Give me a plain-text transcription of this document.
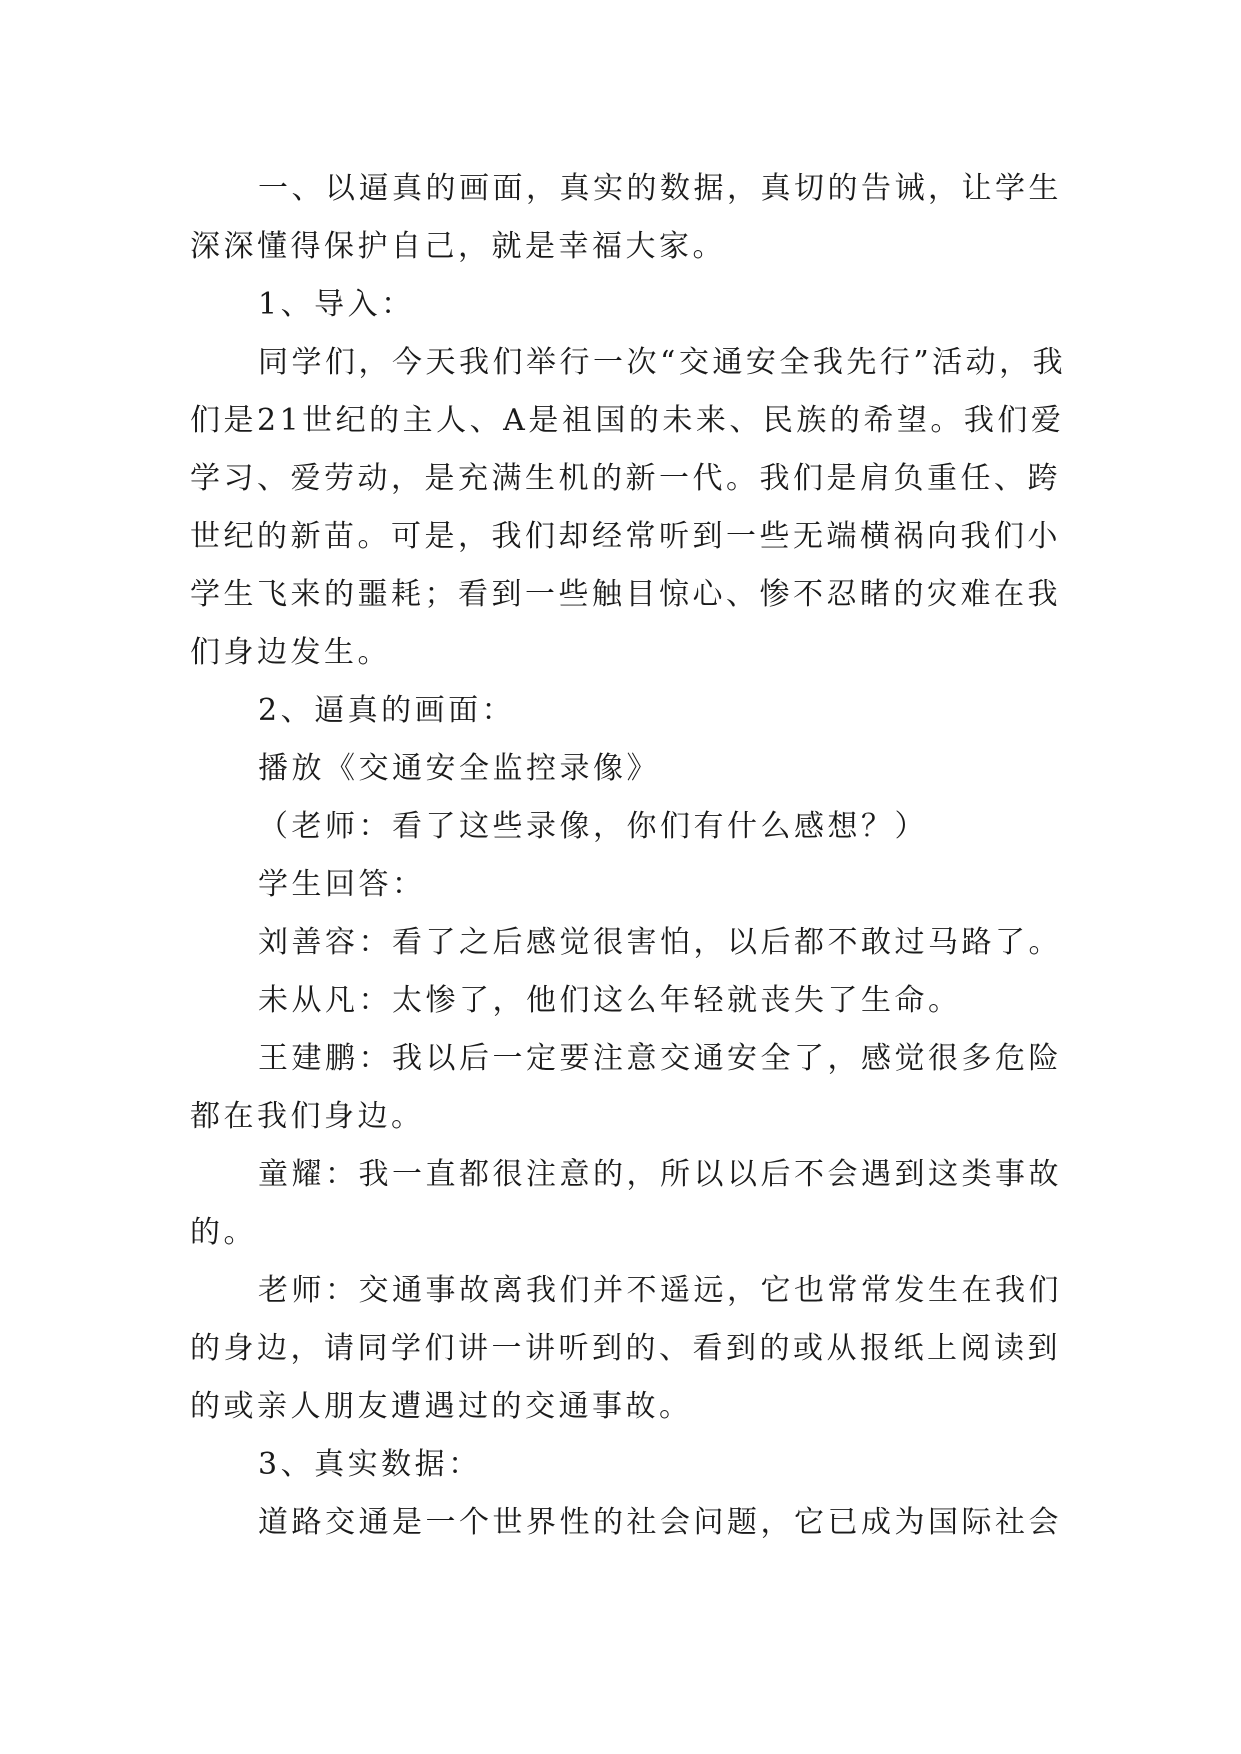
一、以逼真的画面，真实的数据，真切的告诫，让学生深深懂得保护自己，就是幸福大家。

1、导入：

同学们，今天我们举行一次“交通安全我先行”活动，我们是21世纪的主人、A是祖国的未来、民族的希望。我们爱学习、爱劳动，是充满生机的新一代。我们是肩负重任、跨世纪的新苗。可是，我们却经常听到一些无端横祸向我们小学生飞来的噩耗；看到一些触目惊心、惨不忍睹的灾难在我们身边发生。

2、逼真的画面：

播放《交通安全监控录像》

（老师：看了这些录像，你们有什么感想？）

学生回答：

刘善容：看了之后感觉很害怕，以后都不敢过马路了。

未从凡：太惨了，他们这么年轻就丧失了生命。

王建鹏：我以后一定要注意交通安全了，感觉很多危险都在我们身边。

童耀：我一直都很注意的，所以以后不会遇到这类事故的。

老师：交通事故离我们并不遥远，它也常常发生在我们的身边，请同学们讲一讲听到的、看到的或从报纸上阅读到的或亲人朋友遭遇过的交通事故。

3、真实数据：

道路交通是一个世界性的社会问题，它已成为国际社会
